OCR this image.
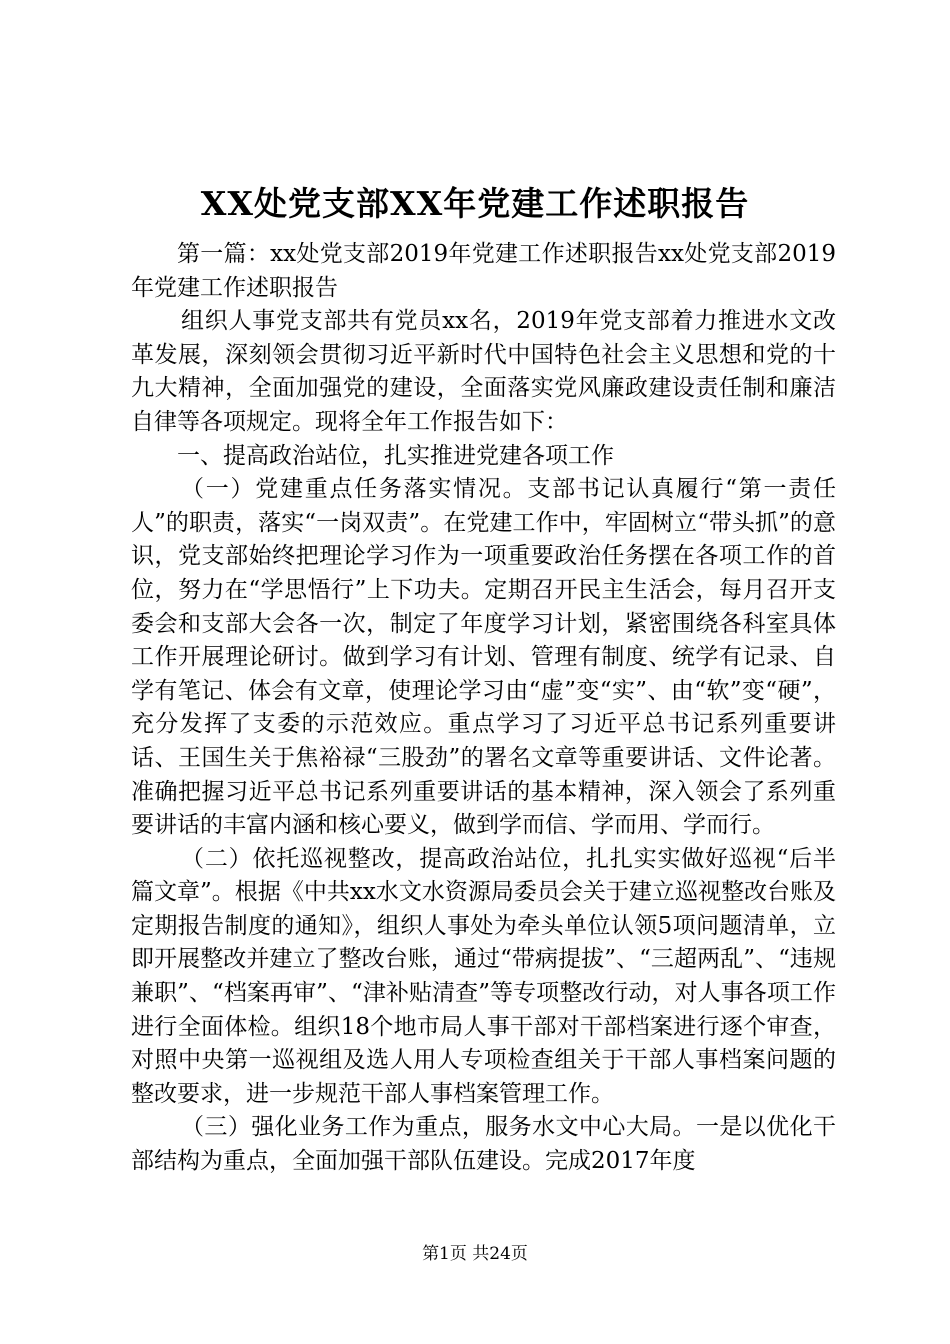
XX处党支部XX年党建工作述职报告

第一篇：xx处党支部2019年党建工作述职报告xx处党支部2019年党建工作述职报告

组织人事党支部共有党员xx名，2019年党支部着力推进水文改革发展，深刻领会贯彻习近平新时代中国特色社会主义思想和党的十九大精神，全面加强党的建设，全面落实党风廉政建设责任制和廉洁自律等各项规定。现将全年工作报告如下：

一、提高政治站位，扎实推进党建各项工作

（一）党建重点任务落实情况。支部书记认真履行“第一责任人”的职责，落实“一岗双责”。在党建工作中，牢固树立“带头抓”的意识，党支部始终把理论学习作为一项重要政治任务摆在各项工作的首位，努力在“学思悟行”上下功夫。定期召开民主生活会，每月召开支委会和支部大会各一次，制定了年度学习计划，紧密围绕各科室具体工作开展理论研讨。做到学习有计划、管理有制度、统学有记录、自学有笔记、体会有文章，使理论学习由“虚”变“实”、由“软”变“硬”，充分发挥了支委的示范效应。重点学习了习近平总书记系列重要讲话、王国生关于焦裕禄“三股劲”的署名文章等重要讲话、文件论著。准确把握习近平总书记系列重要讲话的基本精神，深入领会了系列重要讲话的丰富内涵和核心要义，做到学而信、学而用、学而行。

（二）依托巡视整改，提高政治站位，扎扎实实做好巡视“后半篇文章”。根据《中共xx水文水资源局委员会关于建立巡视整改台账及定期报告制度的通知》，组织人事处为牵头单位认领5项问题清单，立即开展整改并建立了整改台账，通过“带病提拔”、“三超两乱”、“违规兼职”、“档案再审”、“津补贴清查”等专项整改行动，对人事各项工作进行全面体检。组织18个地市局人事干部对干部档案进行逐个审查，对照中央第一巡视组及选人用人专项检查组关于干部人事档案问题的整改要求，进一步规范干部人事档案管理工作。

（三）强化业务工作为重点，服务水文中心大局。一是以优化干部结构为重点，全面加强干部队伍建设。完成2017年度

第1页 共24页
